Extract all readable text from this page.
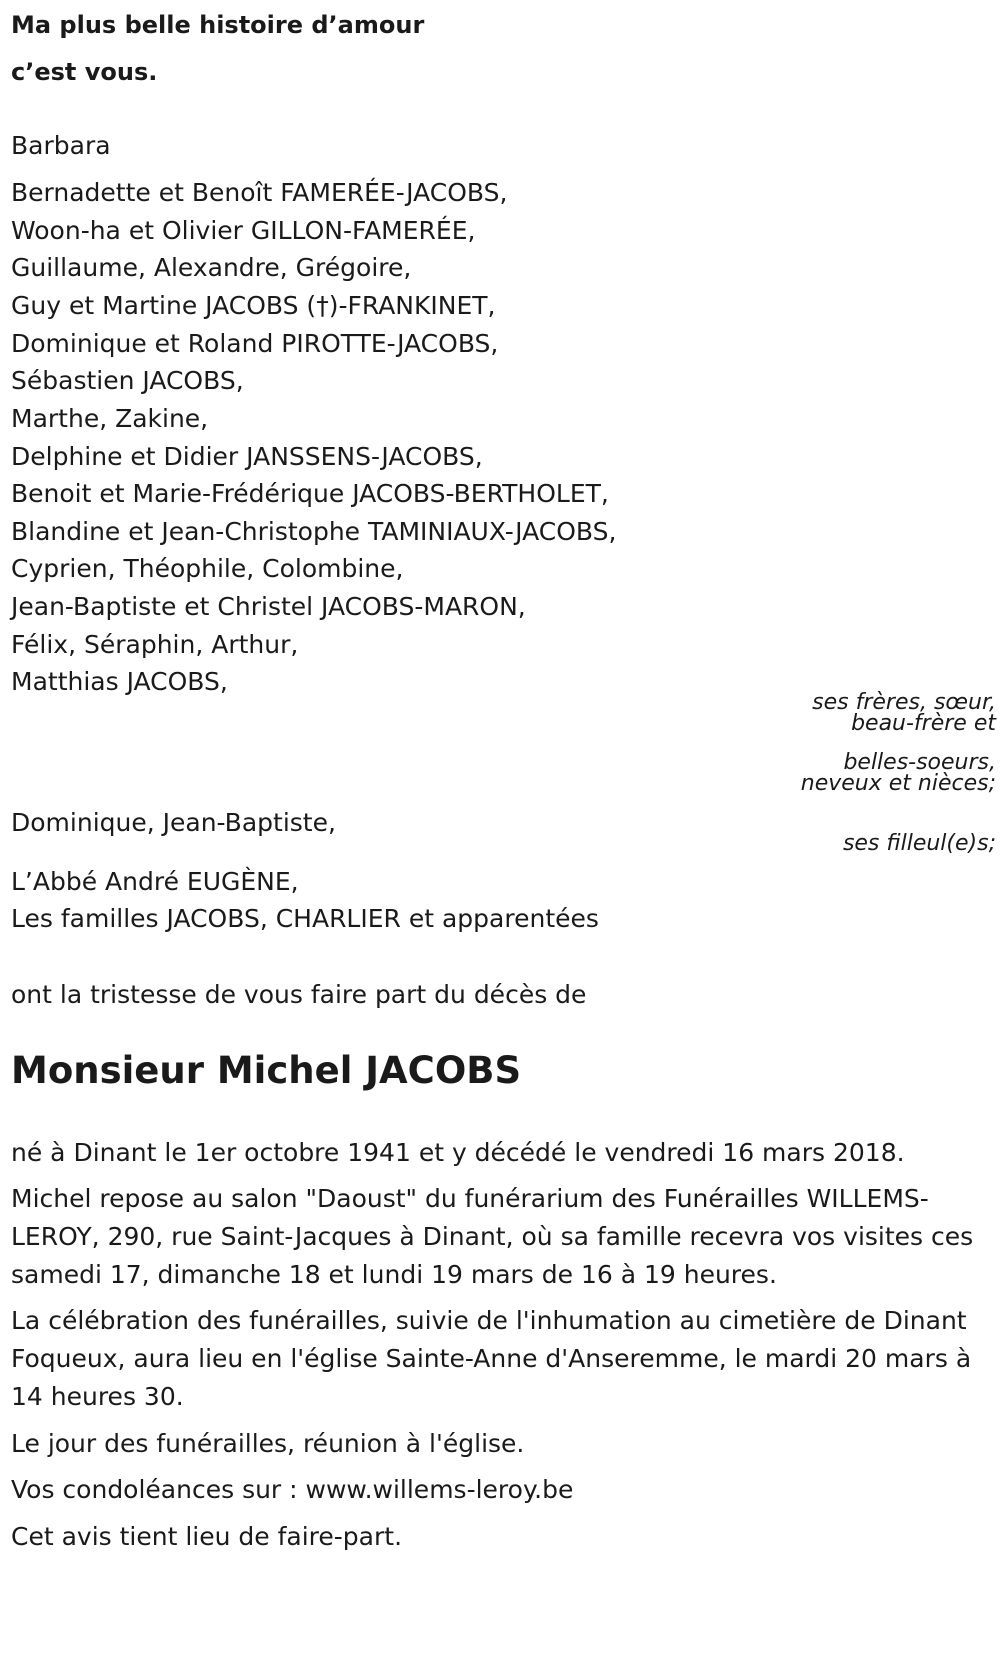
Ma plus belle histoire d’amour
c’est vous.
Barbara
Bernadette et Benoît FAMERÉE-JACOBS,
Woon-ha et Olivier GILLON-FAMERÉE,
Guillaume, Alexandre, Grégoire,
Guy et Martine JACOBS (†)-FRANKINET,
Dominique et Roland PIROTTE-JACOBS,
Sébastien JACOBS,
Marthe, Zakine,
Delphine et Didier JANSSENS-JACOBS,
Benoit et Marie-Frédérique JACOBS-BERTHOLET,
Blandine et Jean-Christophe TAMINIAUX-JACOBS,
Cyprien, Théophile, Colombine,
Jean-Baptiste et Christel JACOBS-MARON,
Félix, Séraphin, Arthur,
Matthias JACOBS,
ses frères, sœur,
beau-frère et
belles-soeurs,
neveux et nièces;
Dominique, Jean-Baptiste,
ses filleul(e)s;
L’Abbé André EUGÈNE,
Les familles JACOBS, CHARLIER et apparentées
ont la tristesse de vous faire part du décès de
Monsieur Michel JACOBS
né à Dinant le 1er octobre 1941 et y décédé le vendredi 16 mars 2018.
Michel repose au salon "Daoust" du funérarium des Funérailles WILLEMS-LEROY, 290, rue Saint-Jacques à Dinant, où sa famille recevra vos visites ces samedi 17, dimanche 18 et lundi 19 mars de 16 à 19 heures.
La célébration des funérailles, suivie de l'inhumation au cimetière de Dinant Foqueux, aura lieu en l'église Sainte-Anne d'Anseremme, le mardi 20 mars à 14 heures 30.
Le jour des funérailles, réunion à l'église.
Vos condoléances sur : www.willems-leroy.be
Cet avis tient lieu de faire-part.
